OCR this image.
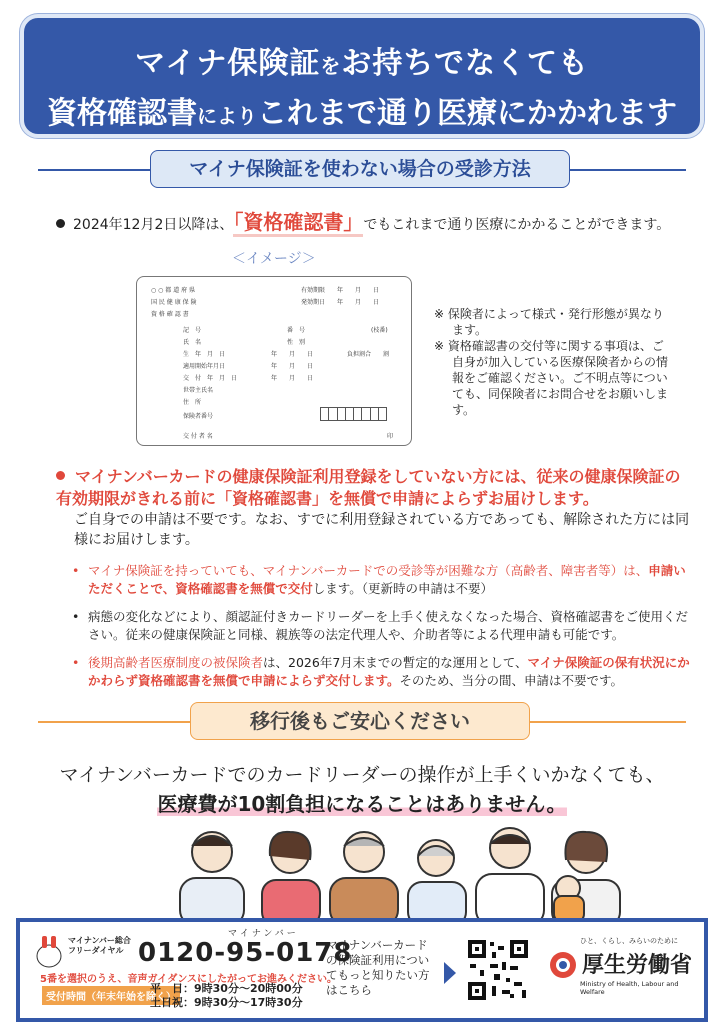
マイナ保険証をお持ちでなくても
資格確認書によりこれまで通り医療にかかれます
マイナ保険証を使わない場合の受診方法
2024年12月2日以降は、「資格確認書」でもこれまで通り医療にかかることができます。
＜イメージ＞
○ ○ 都 道 府 県	有効期限　　年　　月　　日
国 民 健 康 保 険	発効期日　　年　　月　　日
資 格 確 認 書
記　号	番　号	(枝番)
氏　名	性　別
生　年　月　日	年　　月　　日	負担割合　　割
適用開始年月日	年　　月　　日
交　付　年　月　日	年　　月　　日
世帯主氏名
住　所
保険者番号
交 付 者 名	印
※ 保険者によって様式・発行形態が異なります。
※ 資格確認書の交付等に関する事項は、ご自身が加入している医療保険者からの情報をご確認ください。ご不明点等についても、同保険者にお問合せをお願いします。
マイナンバーカードの健康保険証利用登録をしていない方には、従来の健康保険証の有効期限がきれる前に「資格確認書」を無償で申請によらずお届けします。
ご自身での申請は不要です。なお、すでに利用登録されている方であっても、解除された方には同様にお届けします。
• マイナ保険証を持っていても、マイナンバーカードでの受診等が困難な方（高齢者、障害者等）は、申請いただくことで、資格確認書を無償で交付します。（更新時の申請は不要）
• 病態の変化などにより、顔認証付きカードリーダーを上手く使えなくなった場合、資格確認書をご使用ください。従来の健康保険証と同様、親族等の法定代理人や、介助者等による代理申請も可能です。
• 後期高齢者医療制度の被保険者は、2026年7月末までの暫定的な運用として、マイナ保険証の保有状況にかかわらず資格確認書を無償で申請によらず交付します。そのため、当分の間、申請は不要です。
移行後もご安心ください
マイナンバーカードでのカードリーダーの操作が上手くいかなくても、
医療費が10割負担になることはありません。
マイナンバー総合フリーダイヤル
マイナンバー
0120-95-0178
5番を選択のうえ、音声ガイダンスにしたがってお進みください。
受付時間（年末年始を除く）
平　日：9時30分～20時00分
土日祝：9時30分～17時30分
マイナンバーカードの保険証利用についてもっと知りたい方はこちら
ひと、くらし、みらいのために
厚生労働省
Ministry of Health, Labour and Welfare
